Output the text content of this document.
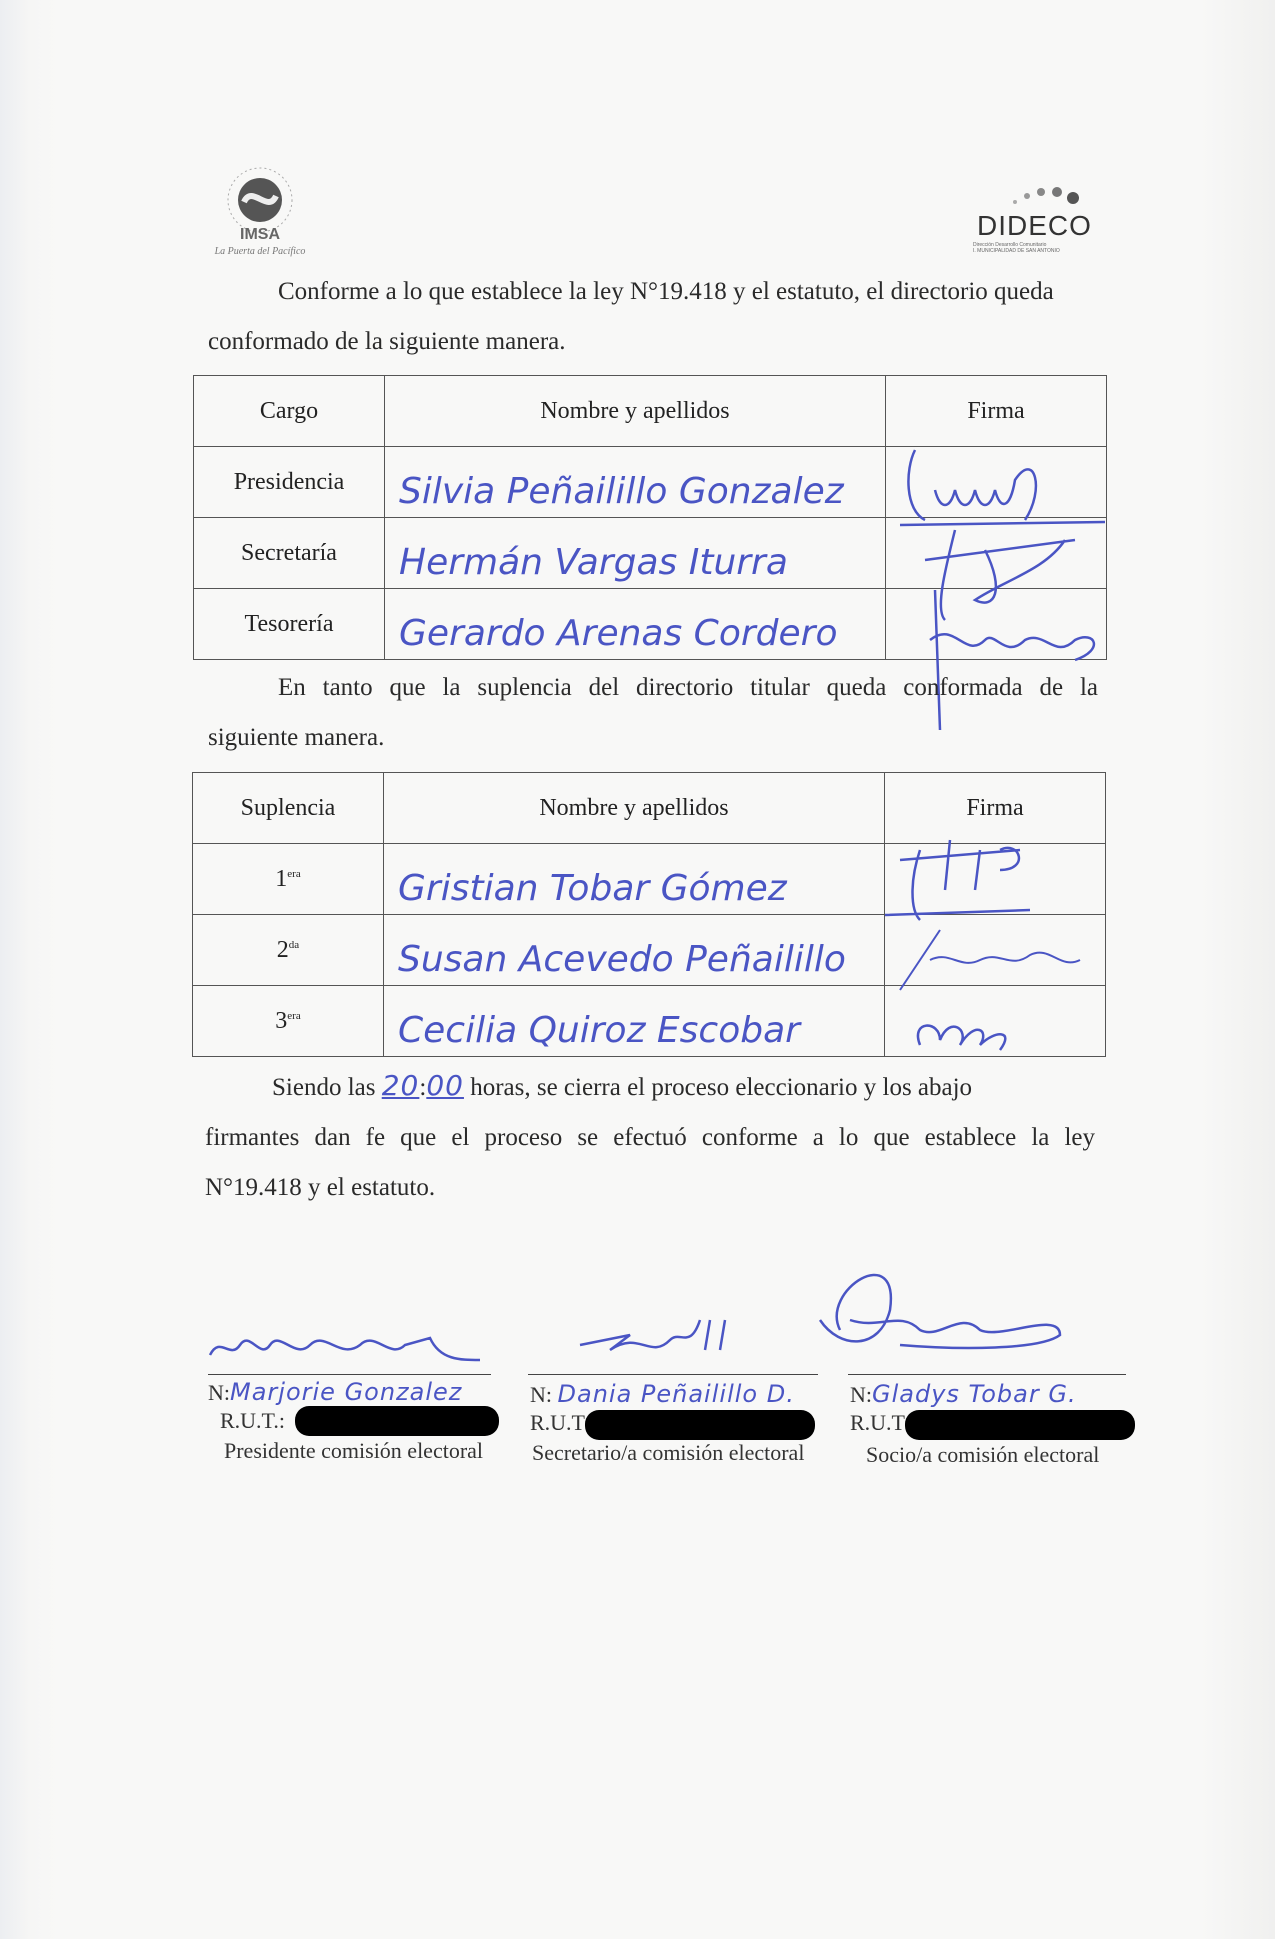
IMSA
La Puerta del Pacífico
DIDECO
Dirección Desarrollo Comunitario
I. MUNICIPALIDAD DE SAN ANTONIO
Conforme a lo que establece la ley N°19.418 y el estatuto, el directorio queda
conformado de la siguiente manera.
Cargo	Nombre y apellidos	Firma
Presidencia	Silvia Peñailillo Gonzalez	
Secretaría	Hermán Vargas Iturra	
Tesorería	Gerardo Arenas Cordero	
En tanto que la suplencia del directorio titular queda conformada de la
siguiente manera.
Suplencia	Nombre y apellidos	Firma
$1^{era}$	Gristian Tobar Gómez	
$2^{da}$	Susan Acevedo Peñailillo	
$3^{era}$	Cecilia Quiroz Escobar	
Siendo las 20:00 horas, se cierra el proceso eleccionario y los abajo
firmantes dan fe que el proceso se efectuó conforme a lo que establece la ley
N°19.418 y el estatuto.
N:Marjorie Gonzalez
R.U.T.:
Presidente comisión electoral
N: Dania Peñailillo D.
R.U.T
Secretario/a comisión electoral
N:Gladys Tobar G.
R.U.T
Socio/a comisión electoral
